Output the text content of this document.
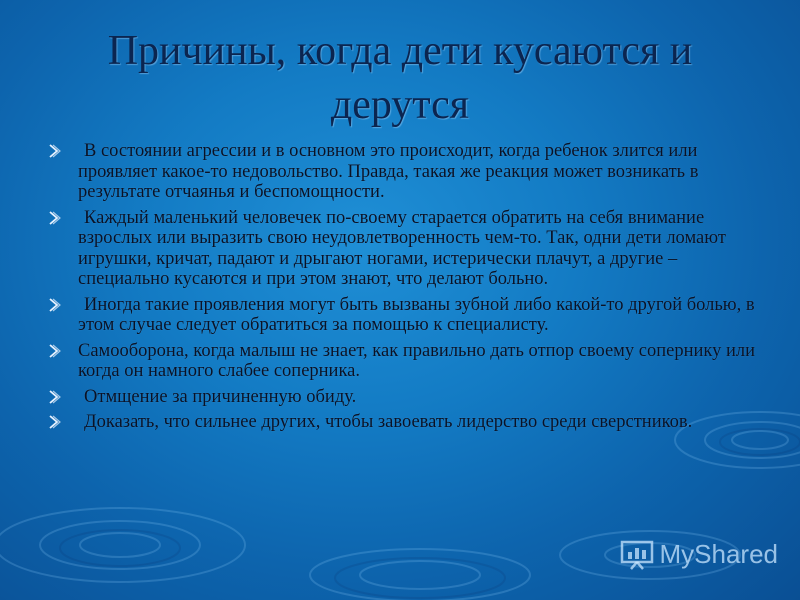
Причины, когда дети кусаются и дерутся
В состоянии агрессии и в основном это происходит, когда ребенок злится или проявляет какое-то недовольство. Правда, такая же реакция может возникать в результате отчаянья и беспомощности.
Каждый маленький человечек по-своему старается обратить на себя внимание взрослых или выразить свою неудовлетворенность чем-то. Так, одни дети ломают игрушки, кричат, падают и дрыгают ногами, истерически плачут, а другие – специально кусаются и при этом знают, что делают больно.
Иногда такие проявления могут быть вызваны зубной либо какой-то другой болью, в этом случае следует обратиться за помощью к специалисту.
Самооборона, когда малыш не знает, как правильно дать отпор своему сопернику или когда он намного слабее соперника.
Отмщение за причиненную обиду.
Доказать, что сильнее других, чтобы завоевать лидерство среди сверстников.
MyShared
